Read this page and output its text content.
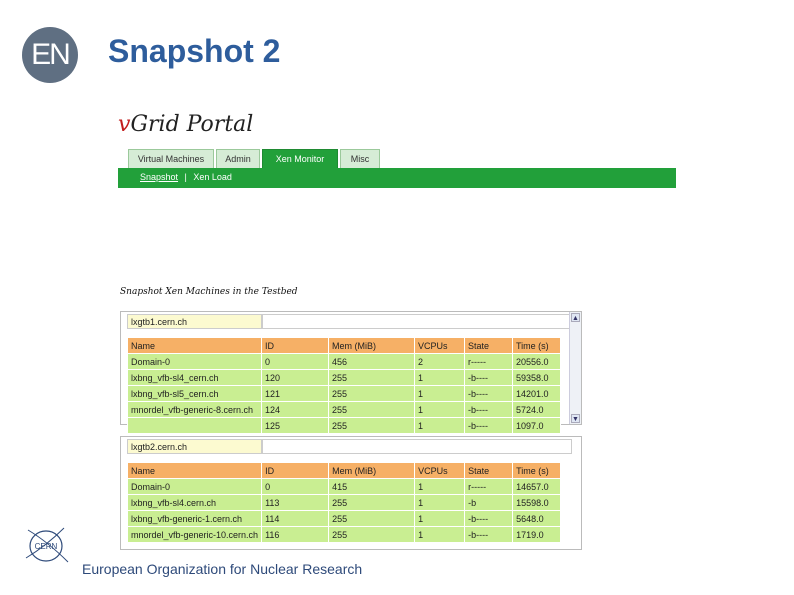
EN Snapshot 2
vGrid Portal
Virtual Machines	Admin	Xen Monitor	Misc
Snapshot | Xen Load
Snapshot Xen Machines in the Testbed
lxgtb1.cern.ch
Name	ID	Mem (MiB)	VCPUs	State	Time (s)
Domain-0	0	456	2	r-----	20556.0
lxbng_vfb-sl4_cern.ch	120	255	1	-b----	59358.0
lxbng_vfb-sl5_cern.ch	121	255	1	-b----	14201.0
mnordel_vfb-generic-8.cern.ch	124	255	1	-b----	5724.0
	125	255	1	-b----	1097.0
▲
▼
lxgtb2.cern.ch
Name	ID	Mem (MiB)	VCPUs	State	Time (s)
Domain-0	0	415	1	r-----	14657.0
lxbng_vfb-sl4.cern.ch	113	255	1	-b	15598.0
lxbng_vfb-generic-1.cern.ch	114	255	1	-b----	5648.0
mnordel_vfb-generic-10.cern.ch	116	255	1	-b----	1719.0
CERN
European Organization for Nuclear Research
